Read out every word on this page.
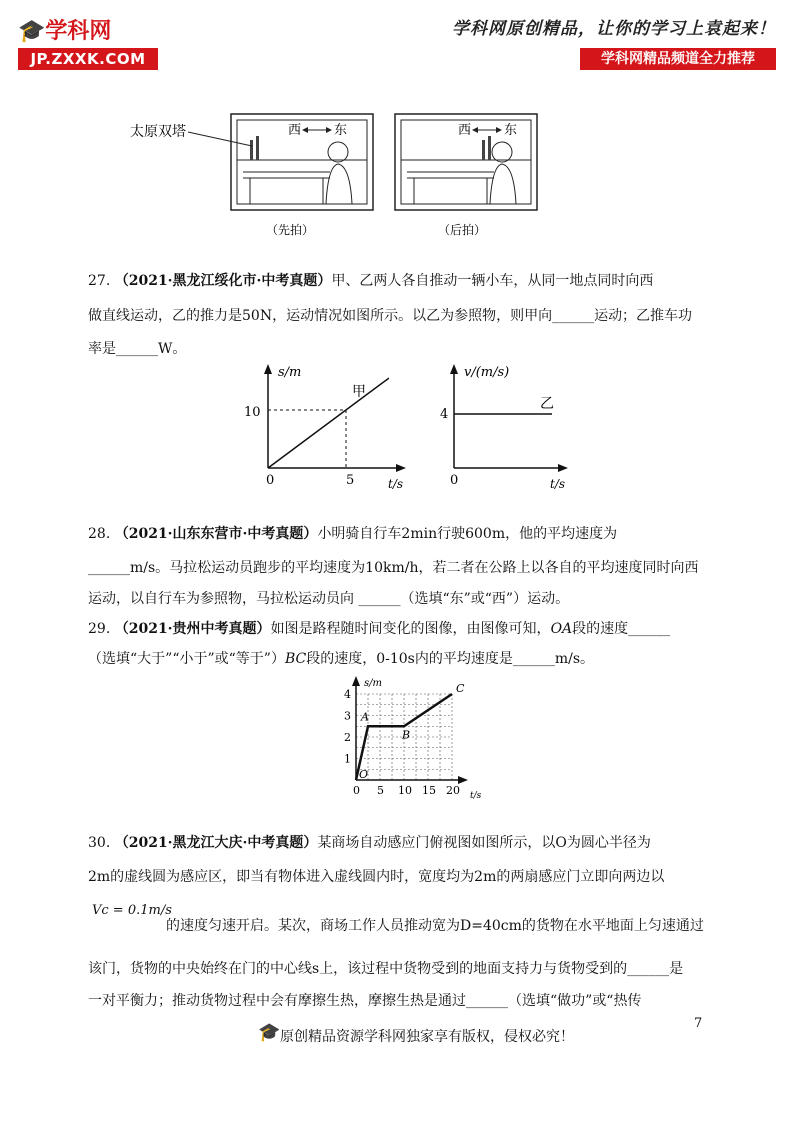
🎓学科网
JP.ZXXK.COM
学科网原创精品，让你的学习上袁起来！
学科网精品频道全力推荐
太原双塔	西	东
（先拍）
西	东
（后拍）
27. （2021·黑龙江绥化市·中考真题）甲、乙两人各自推动一辆小车，从同一地点同时向西
做直线运动，乙的推力是50N，运动情况如图所示。以乙为参照物，则甲向______运动；乙推车功
率是______W。
s/m
t/s
0	5
10
甲
v/(m/s)
t/s
0
4
乙
28. （2021·山东东营市·中考真题）小明骑自行车2min行驶600m，他的平均速度为
______m/s。马拉松运动员跑步的平均速度为10km/h，若二者在公路上以各自的平均速度同时向西
运动，以自行车为参照物，马拉松运动员向 ______（选填“东”或“西”）运动。
29. （2021·贵州中考真题）如图是路程随时间变化的图像，由图像可知，OA段的速度______
（选填“大于”“小于”或“等于”）BC段的速度，0-10s内的平均速度是______m/s。
s/m
t/s
0 5 10 15 20
1
2
3
4
O
A
B
C
30. （2021·黑龙江大庆·中考真题）某商场自动感应门俯视图如图所示，以O为圆心半径为
2m的虚线圆为感应区，即当有物体进入虚线圆内时，宽度均为2m的两扇感应门立即向两边以
Vc = 0.1m/s
的速度匀速开启。某次，商场工作人员推动宽为D=40cm的货物在水平地面上匀速通过
该门，货物的中央始终在门的中心线s上，该过程中货物受到的地面支持力与货物受到的______是
一对平衡力；推动货物过程中会有摩擦生热，摩擦生热是通过______（选填“做功”或“热传
🎓 原创精品资源学科网独家享有版权，侵权必究！
7
